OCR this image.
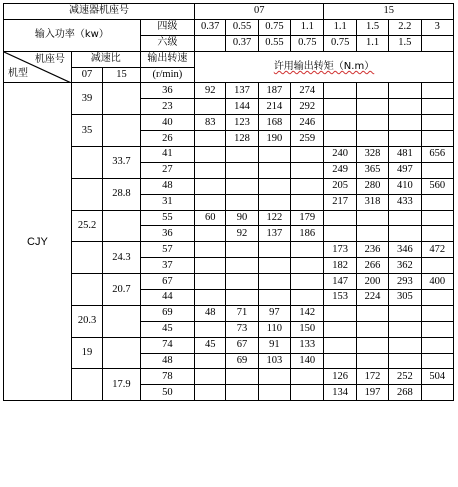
减速器机座号				07				15			
输入功率（kw）			四级	0.37	0.55	0.75	1.1	1.1	1.5	2.2	3
			六级		0.37	0.55	0.75	0.75	1.1	1.5	

机座号
机型	减速比		输出转速	许用输出转矩（N.m）							
	07	15	(r/min)								
CJY	39		36	92	137	187	274				
			23		144	214	292				
	35		40	83	123	168	246				
			26		128	190	259				
		33.7	41					240	328	481	656
			27					249	365	497	
		28.8	48					205	280	410	560
			31					217	318	433	
	25.2		55	60	90	122	179				
			36		92	137	186				
		24.3	57					173	236	346	472
			37					182	266	362	
		20.7	67					147	200	293	400
			44					153	224	305	
	20.3		69	48	71	97	142				
			45		73	110	150				
	19		74	45	67	91	133				
			48		69	103	140				
		17.9	78					126	172	252	504
			50					134	197	268	
